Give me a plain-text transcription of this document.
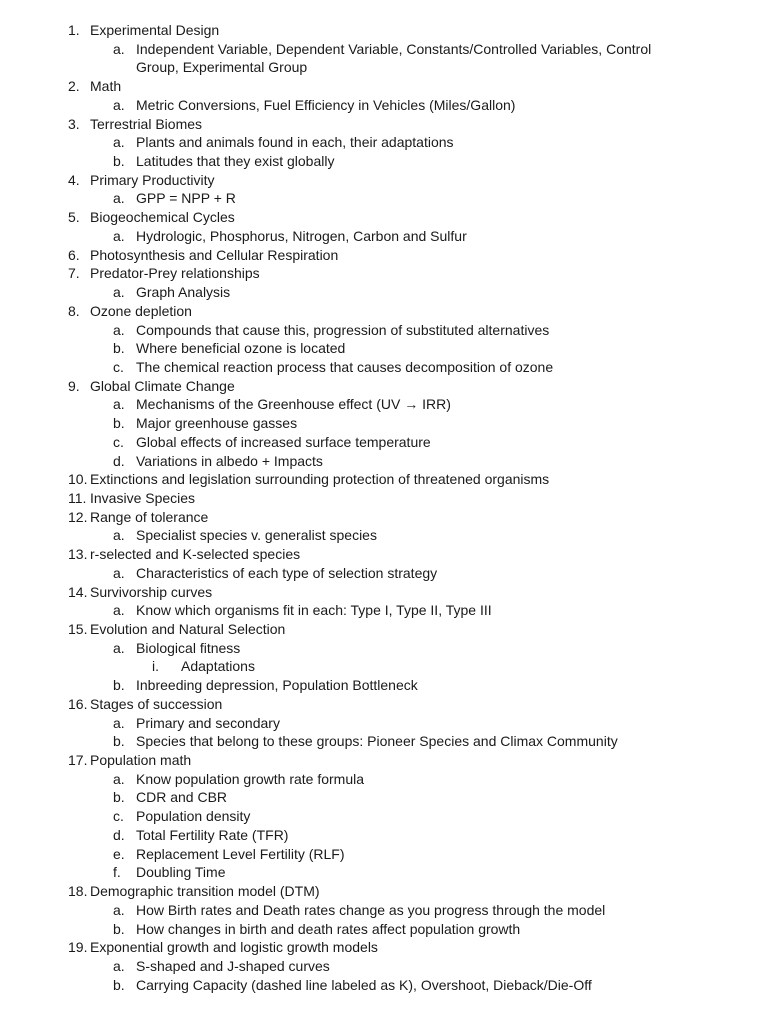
1. Experimental Design
a. Independent Variable, Dependent Variable, Constants/Controlled Variables, Control Group, Experimental Group
2. Math
a. Metric Conversions, Fuel Efficiency in Vehicles (Miles/Gallon)
3. Terrestrial Biomes
a. Plants and animals found in each, their adaptations
b. Latitudes that they exist globally
4. Primary Productivity
a. GPP = NPP + R
5. Biogeochemical Cycles
a. Hydrologic, Phosphorus, Nitrogen, Carbon and Sulfur
6. Photosynthesis and Cellular Respiration
7. Predator-Prey relationships
a. Graph Analysis
8. Ozone depletion
a. Compounds that cause this, progression of substituted alternatives
b. Where beneficial ozone is located
c. The chemical reaction process that causes decomposition of ozone
9. Global Climate Change
a. Mechanisms of the Greenhouse effect (UV → IRR)
b. Major greenhouse gasses
c. Global effects of increased surface temperature
d. Variations in albedo + Impacts
10. Extinctions and legislation surrounding protection of threatened organisms
11. Invasive Species
12. Range of tolerance
a. Specialist species v. generalist species
13. r-selected and K-selected species
a. Characteristics of each type of selection strategy
14. Survivorship curves
a. Know which organisms fit in each: Type I, Type II, Type III
15. Evolution and Natural Selection
a. Biological fitness
i. Adaptations
b. Inbreeding depression, Population Bottleneck
16. Stages of succession
a. Primary and secondary
b. Species that belong to these groups: Pioneer Species and Climax Community
17. Population math
a. Know population growth rate formula
b. CDR and CBR
c. Population density
d. Total Fertility Rate (TFR)
e. Replacement Level Fertility (RLF)
f. Doubling Time
18. Demographic transition model (DTM)
a. How Birth rates and Death rates change as you progress through the model
b. How changes in birth and death rates affect population growth
19. Exponential growth and logistic growth models
a. S-shaped and J-shaped curves
b. Carrying Capacity (dashed line labeled as K), Overshoot, Dieback/Die-Off
